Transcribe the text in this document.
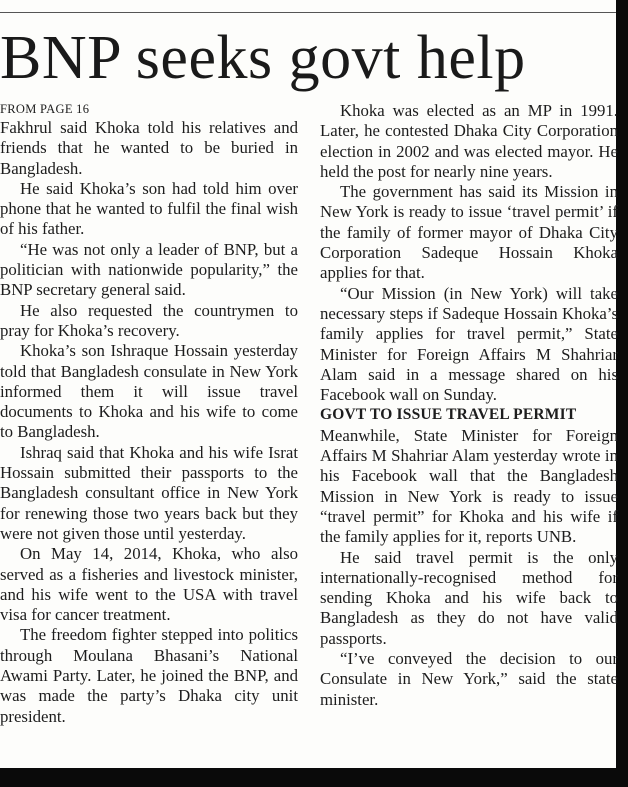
BNP seeks govt help

FROM PAGE 16

Fakhrul said Khoka told his relatives and friends that he wanted to be buried in Bangladesh.

He said Khoka’s son had told him over phone that he wanted to fulfil the final wish of his father.

“He was not only a leader of BNP, but a politician with nationwide popularity,” the BNP secretary general said.

He also requested the countrymen to pray for Khoka’s recovery.

Khoka’s son Ishraque Hossain yesterday told that Bangladesh consulate in New York informed them it will issue travel documents to Khoka and his wife to come to Bangladesh.

Ishraq said that Khoka and his wife Israt Hossain submitted their passports to the Bangladesh consultant office in New York for renewing those two years back but they were not given those until yesterday.

On May 14, 2014, Khoka, who also served as a fisheries and livestock minister, and his wife went to the USA with travel visa for cancer treatment.

The freedom fighter stepped into politics through Moulana Bhasani’s National Awami Party. Later, he joined the BNP, and was made the party’s Dhaka city unit president.

Khoka was elected as an MP in 1991. Later, he contested Dhaka City Corporation election in 2002 and was elected mayor. He held the post for nearly nine years.

The government has said its Mission in New York is ready to issue ‘travel permit’ if the family of former mayor of Dhaka City Corporation Sadeque Hossain Khoka applies for that.

“Our Mission (in New York) will take necessary steps if Sadeque Hossain Khoka’s family applies for travel permit,” State Minister for Foreign Affairs M Shahriar Alam said in a message shared on his Facebook wall on Sunday.

GOVT TO ISSUE TRAVEL PERMIT

Meanwhile, State Minister for Foreign Affairs M Shahriar Alam yesterday wrote in his Facebook wall that the Bangladesh Mission in New York is ready to issue “travel permit” for Khoka and his wife if the family applies for it, reports UNB.

He said travel permit is the only internationally-recognised method for sending Khoka and his wife back to Bangladesh as they do not have valid passports.

“I’ve conveyed the decision to our Consulate in New York,” said the state minister.
